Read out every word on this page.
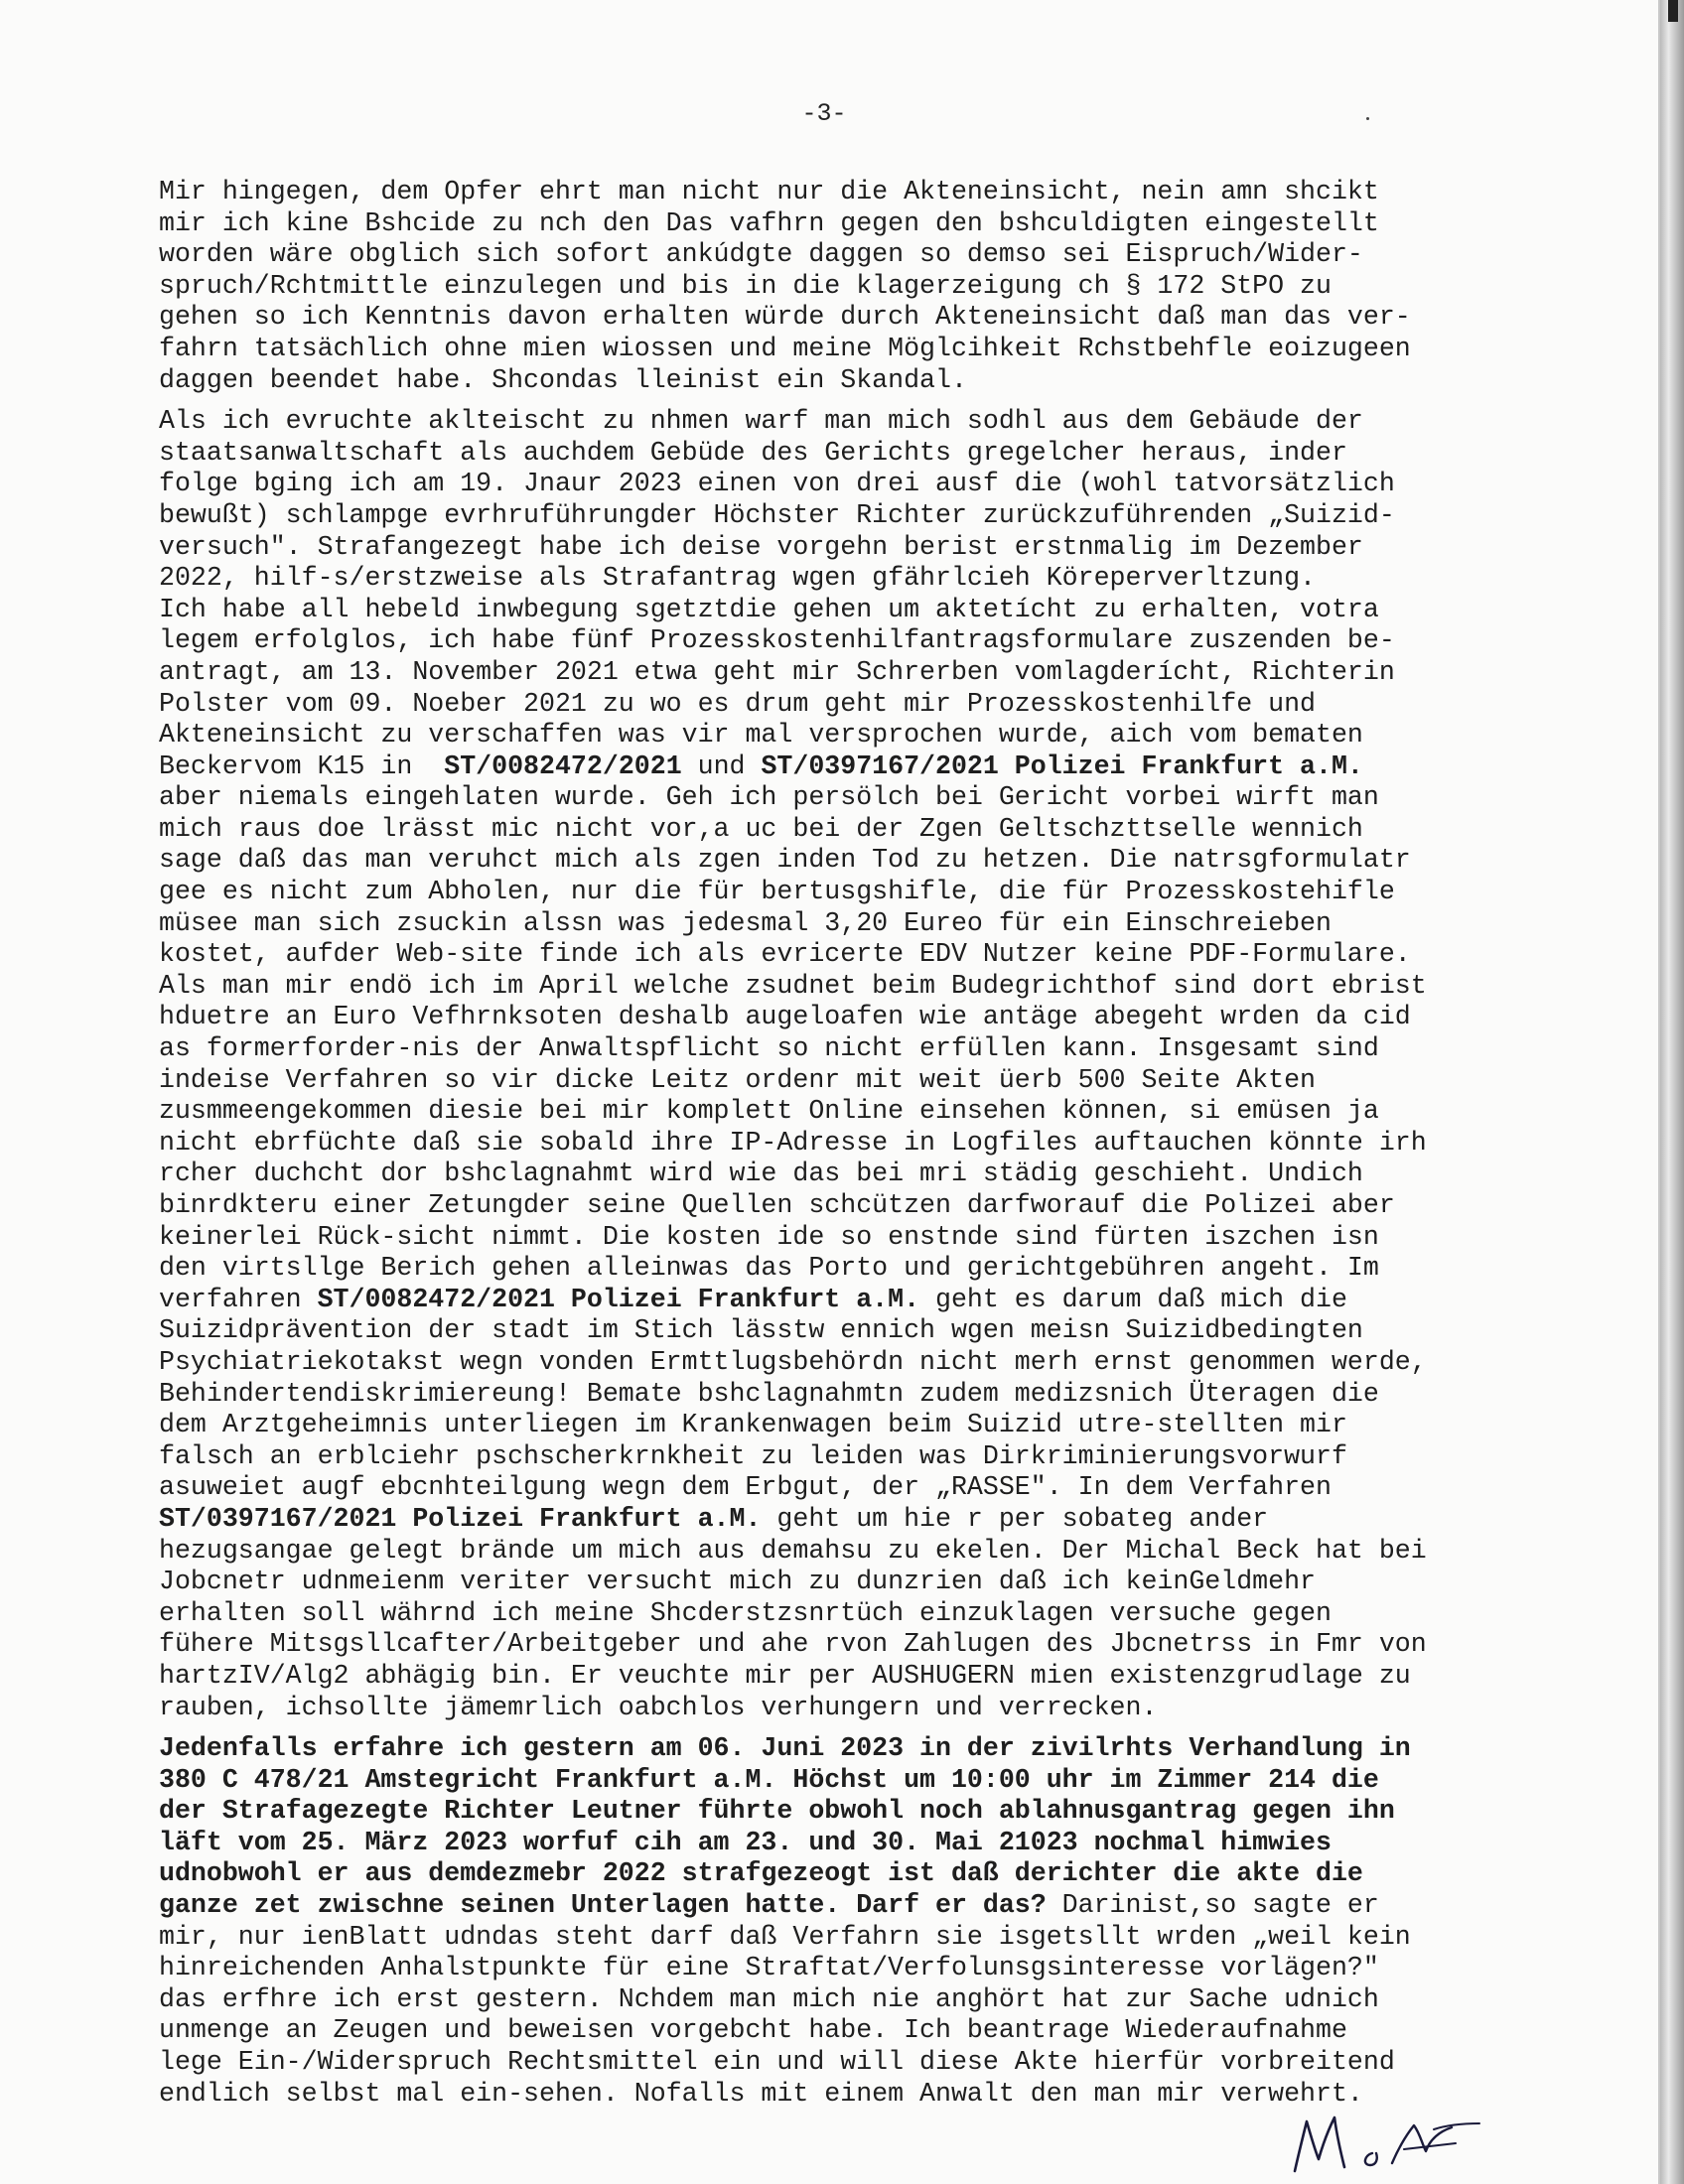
-3-
Mir hingegen, dem Opfer ehrt man nicht nur die Akteneinsicht, nein amn shcikt
mir ich kine Bshcide zu nch den Das vafhrn gegen den bshculdigten eingestellt
worden wäre obglich sich sofort ankúdgte daggen so demso sei Eispruch/Wider-
spruch/Rchtmittle einzulegen und bis in die klagerzeigung ch § 172 StPO zu
gehen so ich Kenntnis davon erhalten würde durch Akteneinsicht daß man das ver-
fahrn tatsächlich ohne mien wiossen und meine Möglcihkeit Rchstbehfle eoizugeen
daggen beendet habe. Shcondas lleinist ein Skandal.
Als ich evruchte aklteischt zu nhmen warf man mich sodhl aus dem Gebäude der
staatsanwaltschaft als auchdem Gebüde des Gerichts gregelcher heraus, inder
folge bging ich am 19. Jnaur 2023 einen von drei ausf die (wohl tatvorsätzlich
bewußt) schlampge evrhruführungder Höchster Richter zurückzuführenden „Suizid-
versuch". Strafangezegt habe ich deise vorgehn berist erstnmalig im Dezember
2022, hilf-s/erstzweise als Strafantrag wgen gfährlcieh Köreperverltzung.
Ich habe all hebeld inwbegung sgetztdie gehen um aktetícht zu erhalten, votra
legem erfolglos, ich habe fünf Prozesskostenhilfantragsformulare zuszenden be-
antragt, am 13. November 2021 etwa geht mir Schrerben vomlagderícht, Richterin
Polster vom 09. Noeber 2021 zu wo es drum geht mir Prozesskostenhilfe und
Akteneinsicht zu verschaffen was vir mal versprochen wurde, aich vom bematen
Beckervom K15 in  ST/0082472/2021 und ST/0397167/2021 Polizei Frankfurt a.M.
aber niemals eingehlaten wurde. Geh ich persölch bei Gericht vorbei wirft man
mich raus doe lrässt mic nicht vor,a uc bei der Zgen Geltschzttselle wennich
sage daß das man veruhct mich als zgen inden Tod zu hetzen. Die natrsgformulatr
gee es nicht zum Abholen, nur die für bertusgshifle, die für Prozesskostehifle
müsee man sich zsuckin alssn was jedesmal 3,20 Eureo für ein Einschreieben
kostet, aufder Web-site finde ich als evricerte EDV Nutzer keine PDF-Formulare.
Als man mir endö ich im April welche zsudnet beim Budegrichthof sind dort ebrist
hduetre an Euro Vefhrnksoten deshalb augeloafen wie antäge abegeht wrden da cid
as formerforder-nis der Anwaltspflicht so nicht erfüllen kann. Insgesamt sind
indeise Verfahren so vir dicke Leitz ordenr mit weit üerb 500 Seite Akten
zusmmeengekommen diesie bei mir komplett Online einsehen können, si emüsen ja
nicht ebrfüchte daß sie sobald ihre IP-Adresse in Logfiles auftauchen könnte irh
rcher duchcht dor bshclagnahmt wird wie das bei mri städig geschieht. Undich
binrdkteru einer Zetungder seine Quellen schcützen darfworauf die Polizei aber
keinerlei Rück-sicht nimmt. Die kosten ide so enstnde sind fürten iszchen isn
den virtsllge Berich gehen alleinwas das Porto und gerichtgebühren angeht. Im
verfahren ST/0082472/2021 Polizei Frankfurt a.M. geht es darum daß mich die
Suizidprävention der stadt im Stich lässtw ennich wgen meisn Suizidbedingten
Psychiatriekotakst wegn vonden Ermttlugsbehördn nicht merh ernst genommen werde,
Behindertendiskrimiereung! Bemate bshclagnahmtn zudem medizsnich Üteragen die
dem Arztgeheimnis unterliegen im Krankenwagen beim Suizid utre-stellten mir
falsch an erblciehr pschscherkrnkheit zu leiden was Dirkriminierungsvorwurf
asuweiet augf ebcnhteilgung wegn dem Erbgut, der „RASSE". In dem Verfahren
ST/0397167/2021 Polizei Frankfurt a.M. geht um hie r per sobateg ander
hezugsangae gelegt brände um mich aus demahsu zu ekelen. Der Michal Beck hat bei
Jobcnetr udnmeienm veriter versucht mich zu dunzrien daß ich keinGeldmehr
erhalten soll währnd ich meine Shcderstzsnrtüch einzuklagen versuche gegen
fühere Mitsgsllcafter/Arbeitgeber und ahe rvon Zahlugen des Jbcnetrss in Fmr von
hartzIV/Alg2 abhägig bin. Er veuchte mir per AUSHUGERN mien existenzgrudlage zu
rauben, ichsollte jämemrlich oabchlos verhungern und verrecken.
Jedenfalls erfahre ich gestern am 06. Juni 2023 in der zivilrhts Verhandlung in
380 C 478/21 Amstegricht Frankfurt a.M. Höchst um 10:00 uhr im Zimmer 214 die
der Strafagezegte Richter Leutner führte obwohl noch ablahnusgantrag gegen ihn
läft vom 25. März 2023 worfuf cih am 23. und 30. Mai 21023 nochmal himwies
udnobwohl er aus demdezmebr 2022 strafgezeogt ist daß derichter die akte die
ganze zet zwischne seinen Unterlagen hatte. Darf er das? Darinist,so sagte er
mir, nur ienBlatt udndas steht darf daß Verfahrn sie isgetsllt wrden „weil kein
hinreichenden Anhalstpunkte für eine Straftat/Verfolunsgsinteresse vorlägen?"
das erfhre ich erst gestern. Nchdem man mich nie anghört hat zur Sache udnich
unmenge an Zeugen und beweisen vorgebcht habe. Ich beantrage Wiederaufnahme
lege Ein-/Widerspruch Rechtsmittel ein und will diese Akte hierfür vorbreitend
endlich selbst mal ein-sehen. Nofalls mit einem Anwalt den man mir verwehrt.
